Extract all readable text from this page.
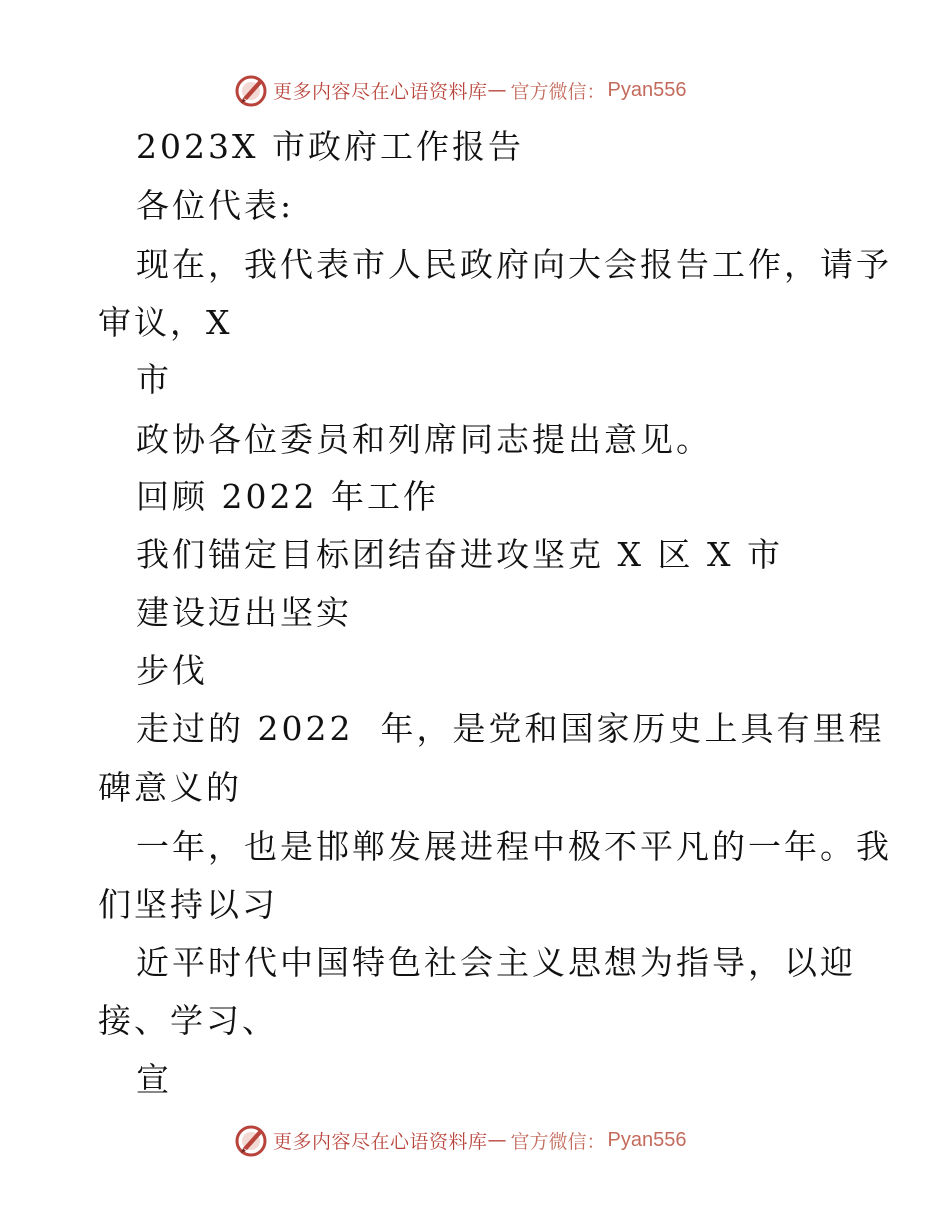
更多内容尽在心语资料库 — 官方微信： Pyan556
2023X 市政府工作报告
各位代表:
现在，我代表市人民政府向大会报告工作，请予
审议，X
市
政协各位委员和列席同志提出意见。
回顾 2022 年工作
我们锚定目标团结奋进攻坚克 X 区 X 市
建设迈出坚实
步伐
走过的 2022  年，是党和国家历史上具有里程
碑意义的
一年，也是邯郸发展进程中极不平凡的一年。我
们坚持以习
近平时代中国特色社会主义思想为指导，以迎
接、学习、
宣
更多内容尽在心语资料库 — 官方微信： Pyan556
